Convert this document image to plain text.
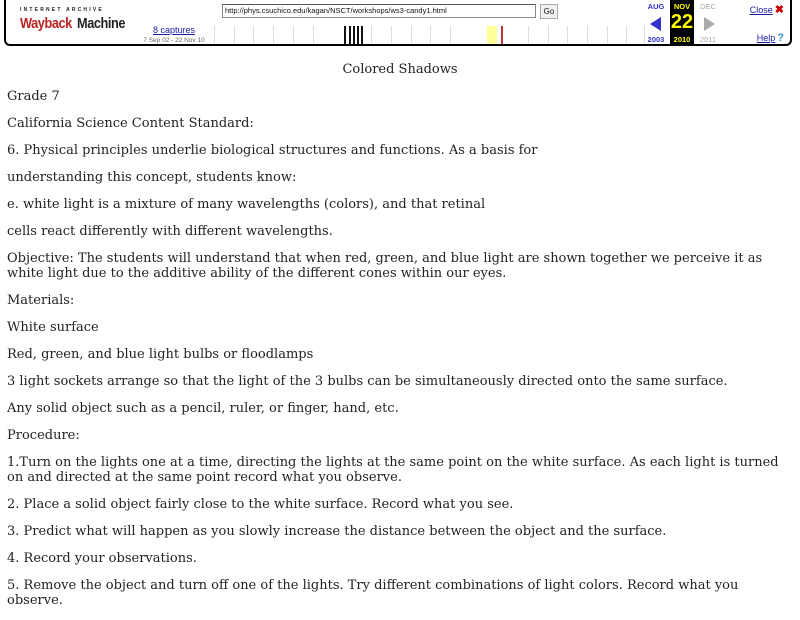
INTERNET ARCHIVE
Wayback Machine	8 captures
7 Sep 02 - 22 Nov 10
http://phys.csuchico.edu/kagan/NSCT/workshops/ws3-candy1.html	Go
AUG
2003
NOV
22
2010
DEC
2011
Close ✖
Help ?
Colored Shadows

Grade 7

California Science Content Standard:

6. Physical principles underlie biological structures and functions. As a basis for

understanding this concept, students know:

e. white light is a mixture of many wavelengths (colors), and that retinal

cells react differently with different wavelengths.

Objective: The students will understand that when red, green, and blue light are shown together we perceive it as white light due to the additive ability of the different cones within our eyes.

Materials:

White surface

Red, green, and blue light bulbs or floodlamps

3 light sockets arrange so that the light of the 3 bulbs can be simultaneously directed onto the same surface.

Any solid object such as a pencil, ruler, or finger, hand, etc.

Procedure:

1.Turn on the lights one at a time, directing the lights at the same point on the white surface. As each light is turned on and directed at the same point record what you observe.

2. Place a solid object fairly close to the white surface. Record what you see.

3. Predict what will happen as you slowly increase the distance between the object and the surface.

4. Record your observations.

5. Remove the object and turn off one of the lights. Try different combinations of light colors. Record what you observe.
